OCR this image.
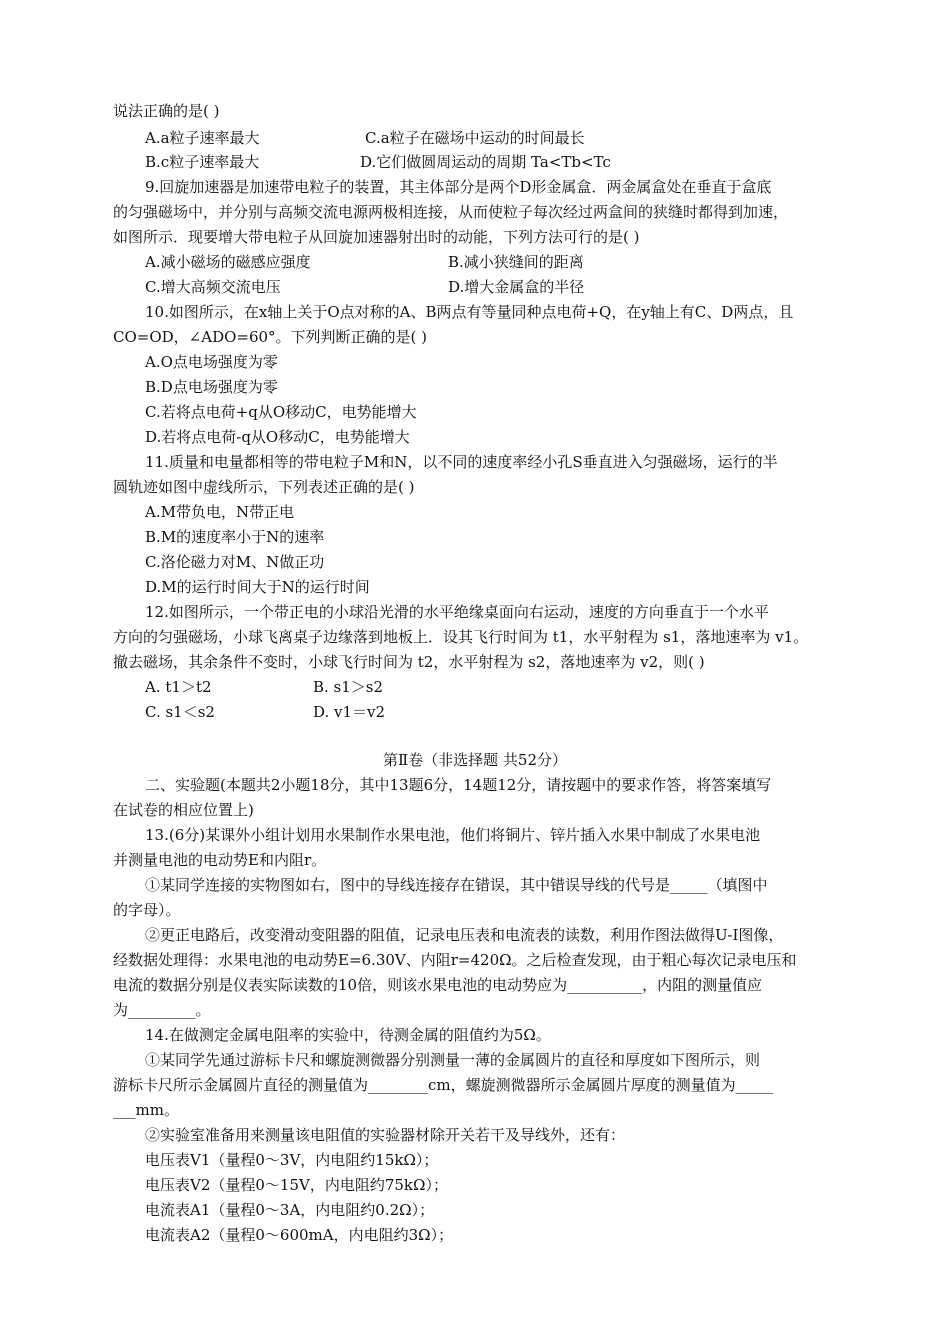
说法正确的是( )
A.a粒子速率最大	C.a粒子在磁场中运动的时间最长
B.c粒子速率最大	D.它们做圆周运动的周期 Ta<Tb<Tc
9.回旋加速器是加速带电粒子的装置，其主体部分是两个D形金属盒．两金属盒处在垂直于盒底
的匀强磁场中，并分别与高频交流电源两极相连接，从而使粒子每次经过两盒间的狭缝时都得到加速，
如图所示．现要增大带电粒子从回旋加速器射出时的动能，下列方法可行的是( )
A.减小磁场的磁感应强度	B.减小狭缝间的距离
C.增大高频交流电压	D.增大金属盒的半径
10.如图所示，在x轴上关于O点对称的A、B两点有等量同种点电荷+Q，在y轴上有C、D两点，且
CO=OD，∠ADO=60°。下列判断正确的是( )
A.O点电场强度为零
B.D点电场强度为零
C.若将点电荷+q从O移动C，电势能增大
D.若将点电荷-q从O移动C，电势能增大
11.质量和电量都相等的带电粒子M和N，以不同的速度率经小孔S垂直进入匀强磁场，运行的半
圆轨迹如图中虚线所示，下列表述正确的是( )
A.M带负电，N带正电
B.M的速度率小于N的速率
C.洛伦磁力对M、N做正功
D.M的运行时间大于N的运行时间
12.如图所示，一个带正电的小球沿光滑的水平绝缘桌面向右运动，速度的方向垂直于一个水平
方向的匀强磁场，小球飞离桌子边缘落到地板上．设其飞行时间为 t1，水平射程为 s1，落地速率为 v1。
撤去磁场，其余条件不变时，小球飞行时间为 t2，水平射程为 s2，落地速率为 v2，则( )
A. t1＞t2	B. s1＞s2
C. s1＜s2	D. v1＝v2
第Ⅱ卷（非选择题 共52分）
二、实验题(本题共2小题18分，其中13题6分，14题12分，请按题中的要求作答，将答案填写
在试卷的相应位置上)
13.(6分)某课外小组计划用水果制作水果电池，他们将铜片、锌片插入水果中制成了水果电池
并测量电池的电动势E和内阻r。
①某同学连接的实物图如右，图中的导线连接存在错误，其中错误导线的代号是_____（填图中
的字母）。
②更正电路后，改变滑动变阻器的阻值，记录电压表和电流表的读数，利用作图法做得U-I图像，
经数据处理得：水果电池的电动势E=6.30V、内阻r=420Ω。之后检查发现，由于粗心每次记录电压和
电流的数据分别是仪表实际读数的10倍，则该水果电池的电动势应为__________，内阻的测量值应
为_________。
14.在做测定金属电阻率的实验中，待测金属的阻值约为5Ω。
①某同学先通过游标卡尺和螺旋测微器分别测量一薄的金属圆片的直径和厚度如下图所示，则
游标卡尺所示金属圆片直径的测量值为________cm，螺旋测微器所示金属圆片厚度的测量值为_____
___mm。
②实验室准备用来测量该电阻值的实验器材除开关若干及导线外，还有：
电压表V1（量程0～3V，内电阻约15kΩ）；
电压表V2（量程0～15V，内电阻约75kΩ）；
电流表A1（量程0～3A，内电阻约0.2Ω）；
电流表A2（量程0～600mA，内电阻约3Ω）；
